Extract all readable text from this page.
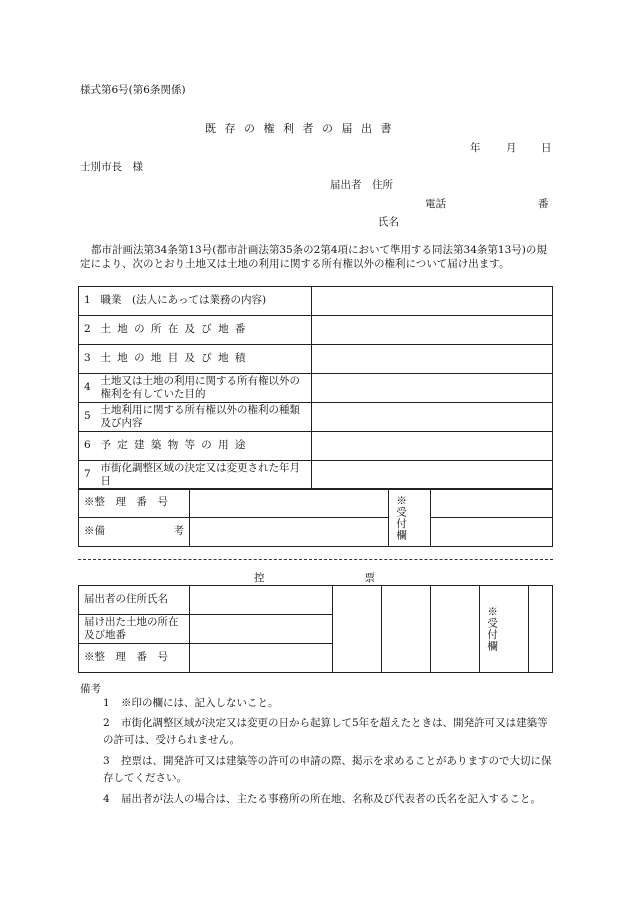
様式第6号(第6条関係)
既存の権利者の届出書
年 月 日
士別市長　様
届出者　住所
電話	番
氏名
都市計画法第34条第13号(都市計画法第35条の2第4項において準用する同法第34条第13号)の規定により、次のとおり土地又は土地の利用に関する所有権以外の権利について届け出ます。
1	職業　(法人にあっては業務の内容)	
2	土地の所在及び地番	
3	土地の地目及び地積	
4	土地又は土地の利用に関する所有権以外の権利を有していた目的	
5	土地利用に関する所有権以外の権利の種類及び内容	
6	予定建築物等の用途	
7	市街化調整区域の決定又は変更された年月日	
※整　理　番　号		※受付欄	

※備 考			

控	票
届出者の住所氏名					※受付欄	

届け出た土地の所在及び地番						
※整　理　番　号						
備考
1 ※印の欄には、記入しないこと。
2 市街化調整区域が決定又は変更の日から起算して5年を超えたときは、開発許可又は建築等の許可は、受けられません。
3 控票は、開発許可又は建築等の許可の申請の際、掲示を求めることがありますので大切に保存してください。
4 届出者が法人の場合は、主たる事務所の所在地、名称及び代表者の氏名を記入すること。
